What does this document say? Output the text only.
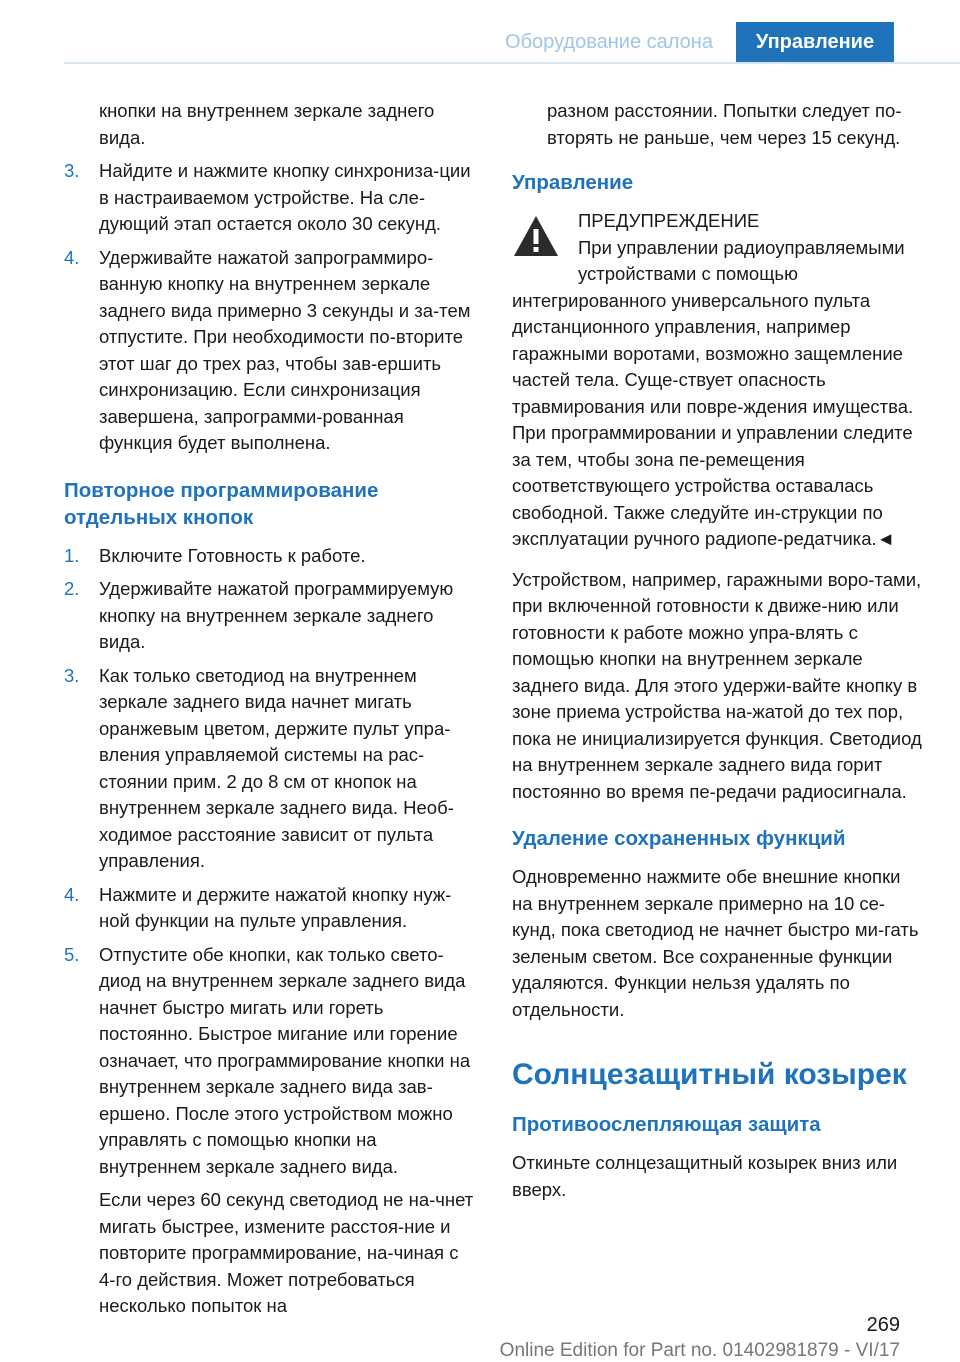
Оборудование салона	Управление
кнопки на внутреннем зеркале заднего вида.
3.	Найдите и нажмите кнопку синхрониза-ции в настраиваемом устройстве. На сле-дующий этап остается около 30 секунд.
4.	Удерживайте нажатой запрограммиро-ванную кнопку на внутреннем зеркале заднего вида примерно 3 секунды и за-тем отпустите. При необходимости по-вторите этот шаг до трех раз, чтобы зав-ершить синхронизацию. Если синхронизация завершена, запрограмми-рованная функция будет выполнена.
Повторное программирование отдельных кнопок
1.	Включите Готовность к работе.
2.	Удерживайте нажатой программируемую кнопку на внутреннем зеркале заднего вида.
3.	Как только светодиод на внутреннем зеркале заднего вида начнет мигать оранжевым цветом, держите пульт упра-вления управляемой системы на рас-стоянии прим. 2 до 8 см от кнопок на внутреннем зеркале заднего вида. Необ-ходимое расстояние зависит от пульта управления.
4.	Нажмите и держите нажатой кнопку нуж-ной функции на пульте управления.
5.	Отпустите обе кнопки, как только свето-диод на внутреннем зеркале заднего вида начнет быстро мигать или гореть постоянно. Быстрое мигание или горение означает, что программирование кнопки на внутреннем зеркале заднего вида зав-ершено. После этого устройством можно управлять с помощью кнопки на внутреннем зеркале заднего вида.
Если через 60 секунд светодиод не на-чнет мигать быстрее, измените расстоя-ние и повторите программирование, на-чиная с 4-го действия. Может потребоваться несколько попыток на
разном расстоянии. Попытки следует по-вторять не раньше, чем через 15 секунд.
Управление
ПРЕДУПРЕЖДЕНИЕ
При управлении радиоуправляемыми устройствами с помощью интегрированного универсального пульта дистанционного управления, например гаражными воротами, возможно защемление частей тела. Суще-ствует опасность травмирования или повре-ждения имущества. При программировании и управлении следите за тем, чтобы зона пе-ремещения соответствующего устройства оставалась свободной. Также следуйте ин-струкции по эксплуатации ручного радиопе-редатчика.◄
Устройством, например, гаражными воро-тами, при включенной готовности к движе-нию или готовности к работе можно упра-влять с помощью кнопки на внутреннем зеркале заднего вида. Для этого удержи-вайте кнопку в зоне приема устройства на-жатой до тех пор, пока не инициализируется функция. Светодиод на внутреннем зеркале заднего вида горит постоянно во время пе-редачи радиосигнала.
Удаление сохраненных функций
Одновременно нажмите обе внешние кнопки на внутреннем зеркале примерно на 10 се-кунд, пока светодиод не начнет быстро ми-гать зеленым светом. Все сохраненные функции удаляются. Функции нельзя удалять по отдельности.
Солнцезащитный козырек
Противоослепляющая защита
Откиньте солнцезащитный козырек вниз или вверх.
269
Online Edition for Part no. 01402981879 - VI/17
